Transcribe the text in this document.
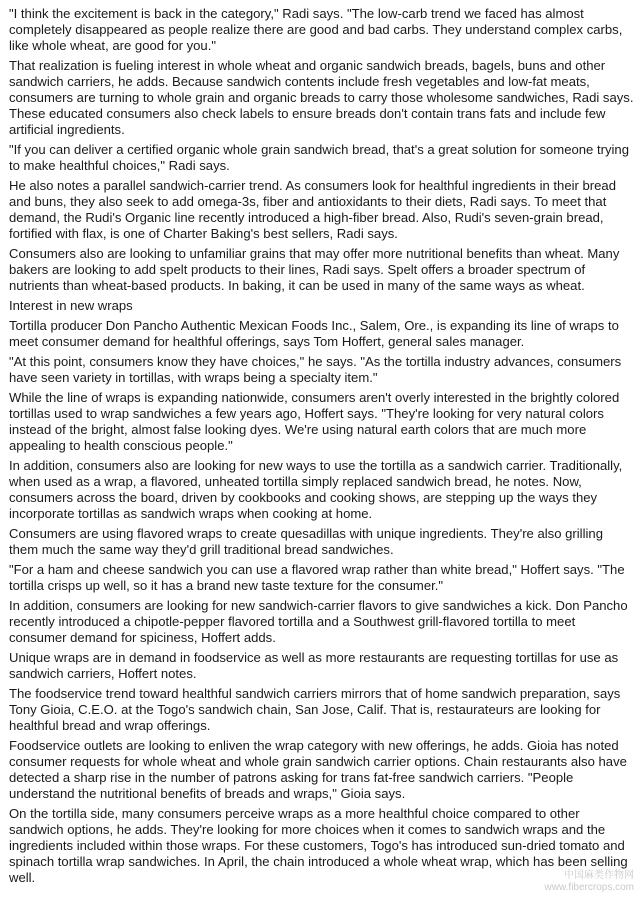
"I think the excitement is back in the category," Radi says. "The low-carb trend we faced has almost completely disappeared as people realize there are good and bad carbs. They understand complex carbs, like whole wheat, are good for you."

That realization is fueling interest in whole wheat and organic sandwich breads, bagels, buns and other sandwich carriers, he adds. Because sandwich contents include fresh vegetables and low-fat meats, consumers are turning to whole grain and organic breads to carry those wholesome sandwiches, Radi says. These educated consumers also check labels to ensure breads don't contain trans fats and include few artificial ingredients.

"If you can deliver a certified organic whole grain sandwich bread, that's a great solution for someone trying to make healthful choices," Radi says.

He also notes a parallel sandwich-carrier trend. As consumers look for healthful ingredients in their bread and buns, they also seek to add omega-3s, fiber and antioxidants to their diets, Radi says. To meet that demand, the Rudi's Organic line recently introduced a high-fiber bread. Also, Rudi's seven-grain bread, fortified with flax, is one of Charter Baking's best sellers, Radi says.

Consumers also are looking to unfamiliar grains that may offer more nutritional benefits than wheat. Many bakers are looking to add spelt products to their lines, Radi says. Spelt offers a broader spectrum of nutrients than wheat-based products. In baking, it can be used in many of the same ways as wheat.

Interest in new wraps

Tortilla producer Don Pancho Authentic Mexican Foods Inc., Salem, Ore., is expanding its line of wraps to meet consumer demand for healthful offerings, says Tom Hoffert, general sales manager.

"At this point, consumers know they have choices," he says. "As the tortilla industry advances, consumers have seen variety in tortillas, with wraps being a specialty item."

While the line of wraps is expanding nationwide, consumers aren't overly interested in the brightly colored tortillas used to wrap sandwiches a few years ago, Hoffert says. "They're looking for very natural colors instead of the bright, almost false looking dyes. We're using natural earth colors that are much more appealing to health conscious people."

In addition, consumers also are looking for new ways to use the tortilla as a sandwich carrier. Traditionally, when used as a wrap, a flavored, unheated tortilla simply replaced sandwich bread, he notes. Now, consumers across the board, driven by cookbooks and cooking shows, are stepping up the ways they incorporate tortillas as sandwich wraps when cooking at home.

Consumers are using flavored wraps to create quesadillas with unique ingredients. They're also grilling them much the same way they'd grill traditional bread sandwiches.

"For a ham and cheese sandwich you can use a flavored wrap rather than white bread," Hoffert says. "The tortilla crisps up well, so it has a brand new taste texture for the consumer."

In addition, consumers are looking for new sandwich-carrier flavors to give sandwiches a kick. Don Pancho recently introduced a chipotle-pepper flavored tortilla and a Southwest grill-flavored tortilla to meet consumer demand for spiciness, Hoffert adds.

Unique wraps are in demand in foodservice as well as more restaurants are requesting tortillas for use as sandwich carriers, Hoffert notes.

The foodservice trend toward healthful sandwich carriers mirrors that of home sandwich preparation, says Tony Gioia, C.E.O. at the Togo's sandwich chain, San Jose, Calif. That is, restaurateurs are looking for healthful bread and wrap offerings.

Foodservice outlets are looking to enliven the wrap category with new offerings, he adds. Gioia has noted consumer requests for whole wheat and whole grain sandwich carrier options. Chain restaurants also have detected a sharp rise in the number of patrons asking for trans fat-free sandwich carriers. "People understand the nutritional benefits of breads and wraps," Gioia says.

On the tortilla side, many consumers perceive wraps as a more healthful choice compared to other sandwich options, he adds. They're looking for more choices when it comes to sandwich wraps and the ingredients included within those wraps. For these customers, Togo's has introduced sun-dried tomato and spinach tortilla wrap sandwiches. In April, the chain introduced a whole wheat wrap, which has been selling well.	中国麻类作物网
www.fibercrops.com
